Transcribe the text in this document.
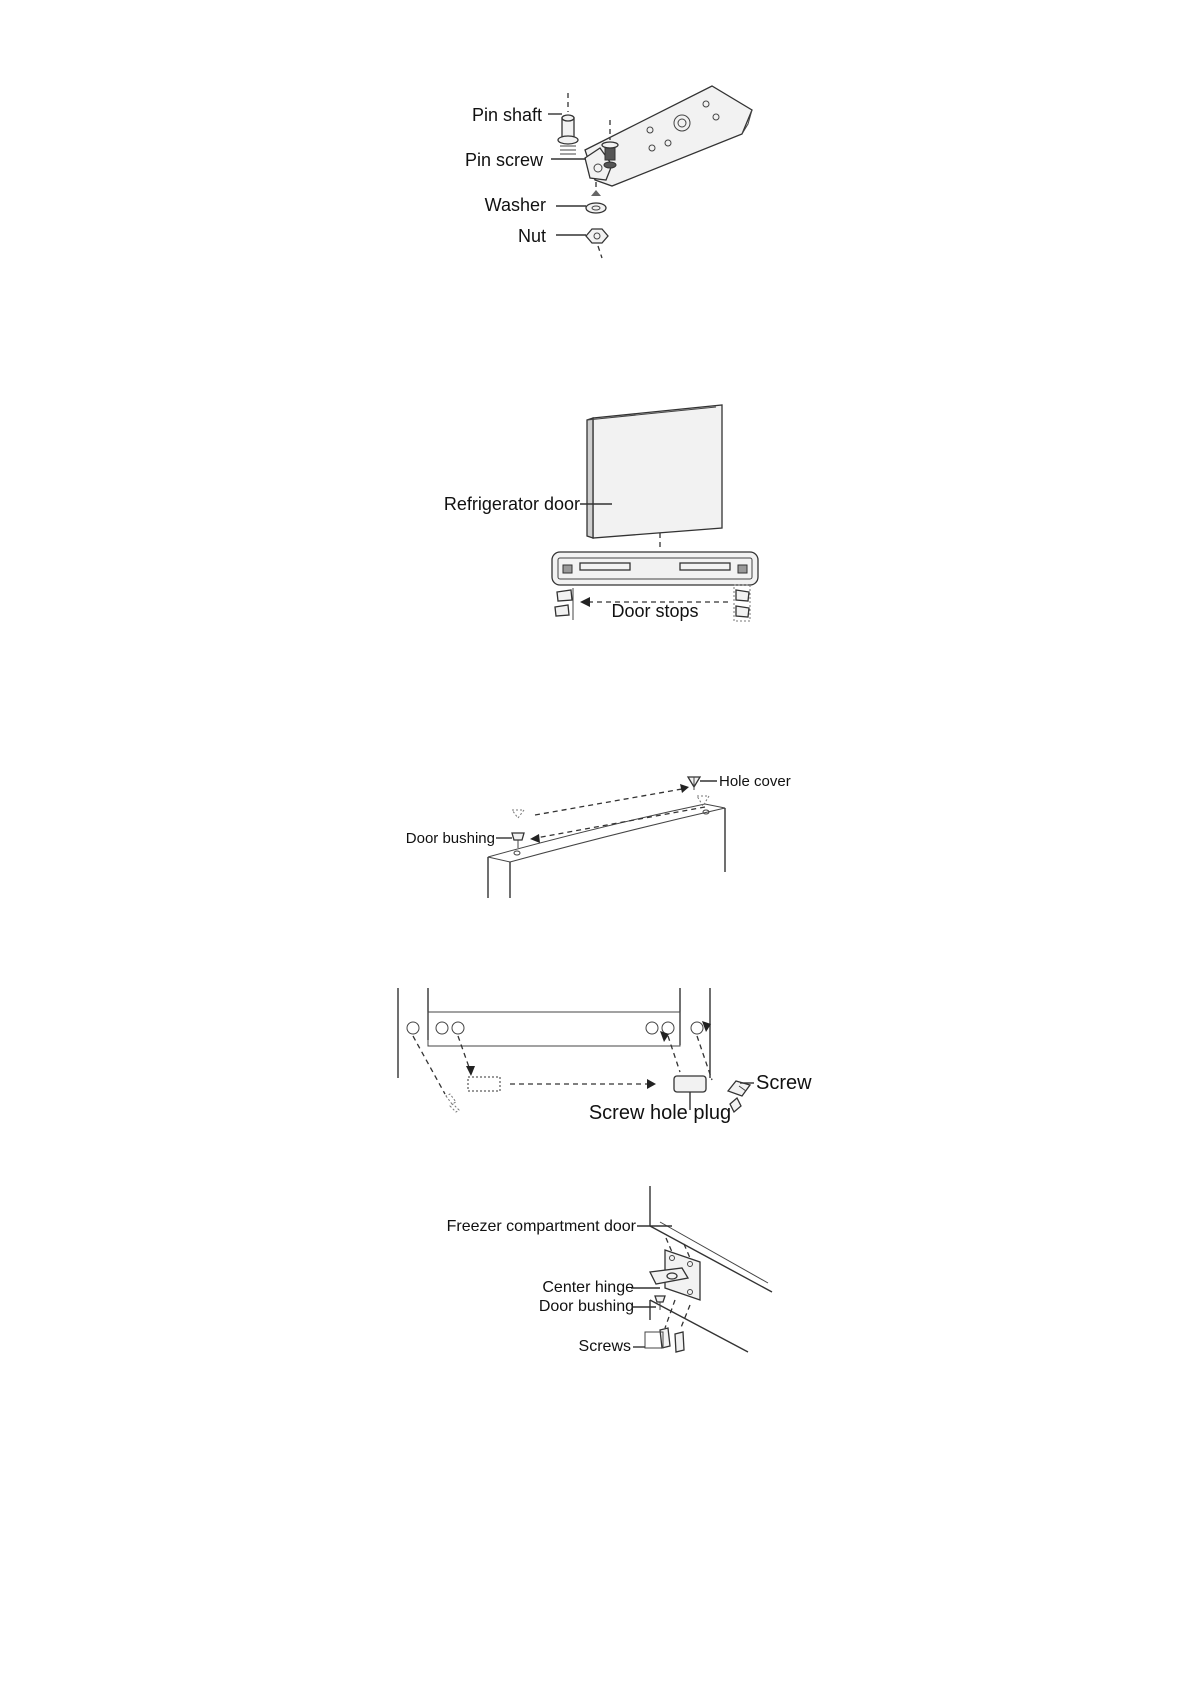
Pin shaft
Pin screw
Washer
Nut
Refrigerator door
Door stops
Hole cover
Door bushing
Screw
Screw hole plug
Freezer compartment door
Center hinge
Door bushing
Screws
